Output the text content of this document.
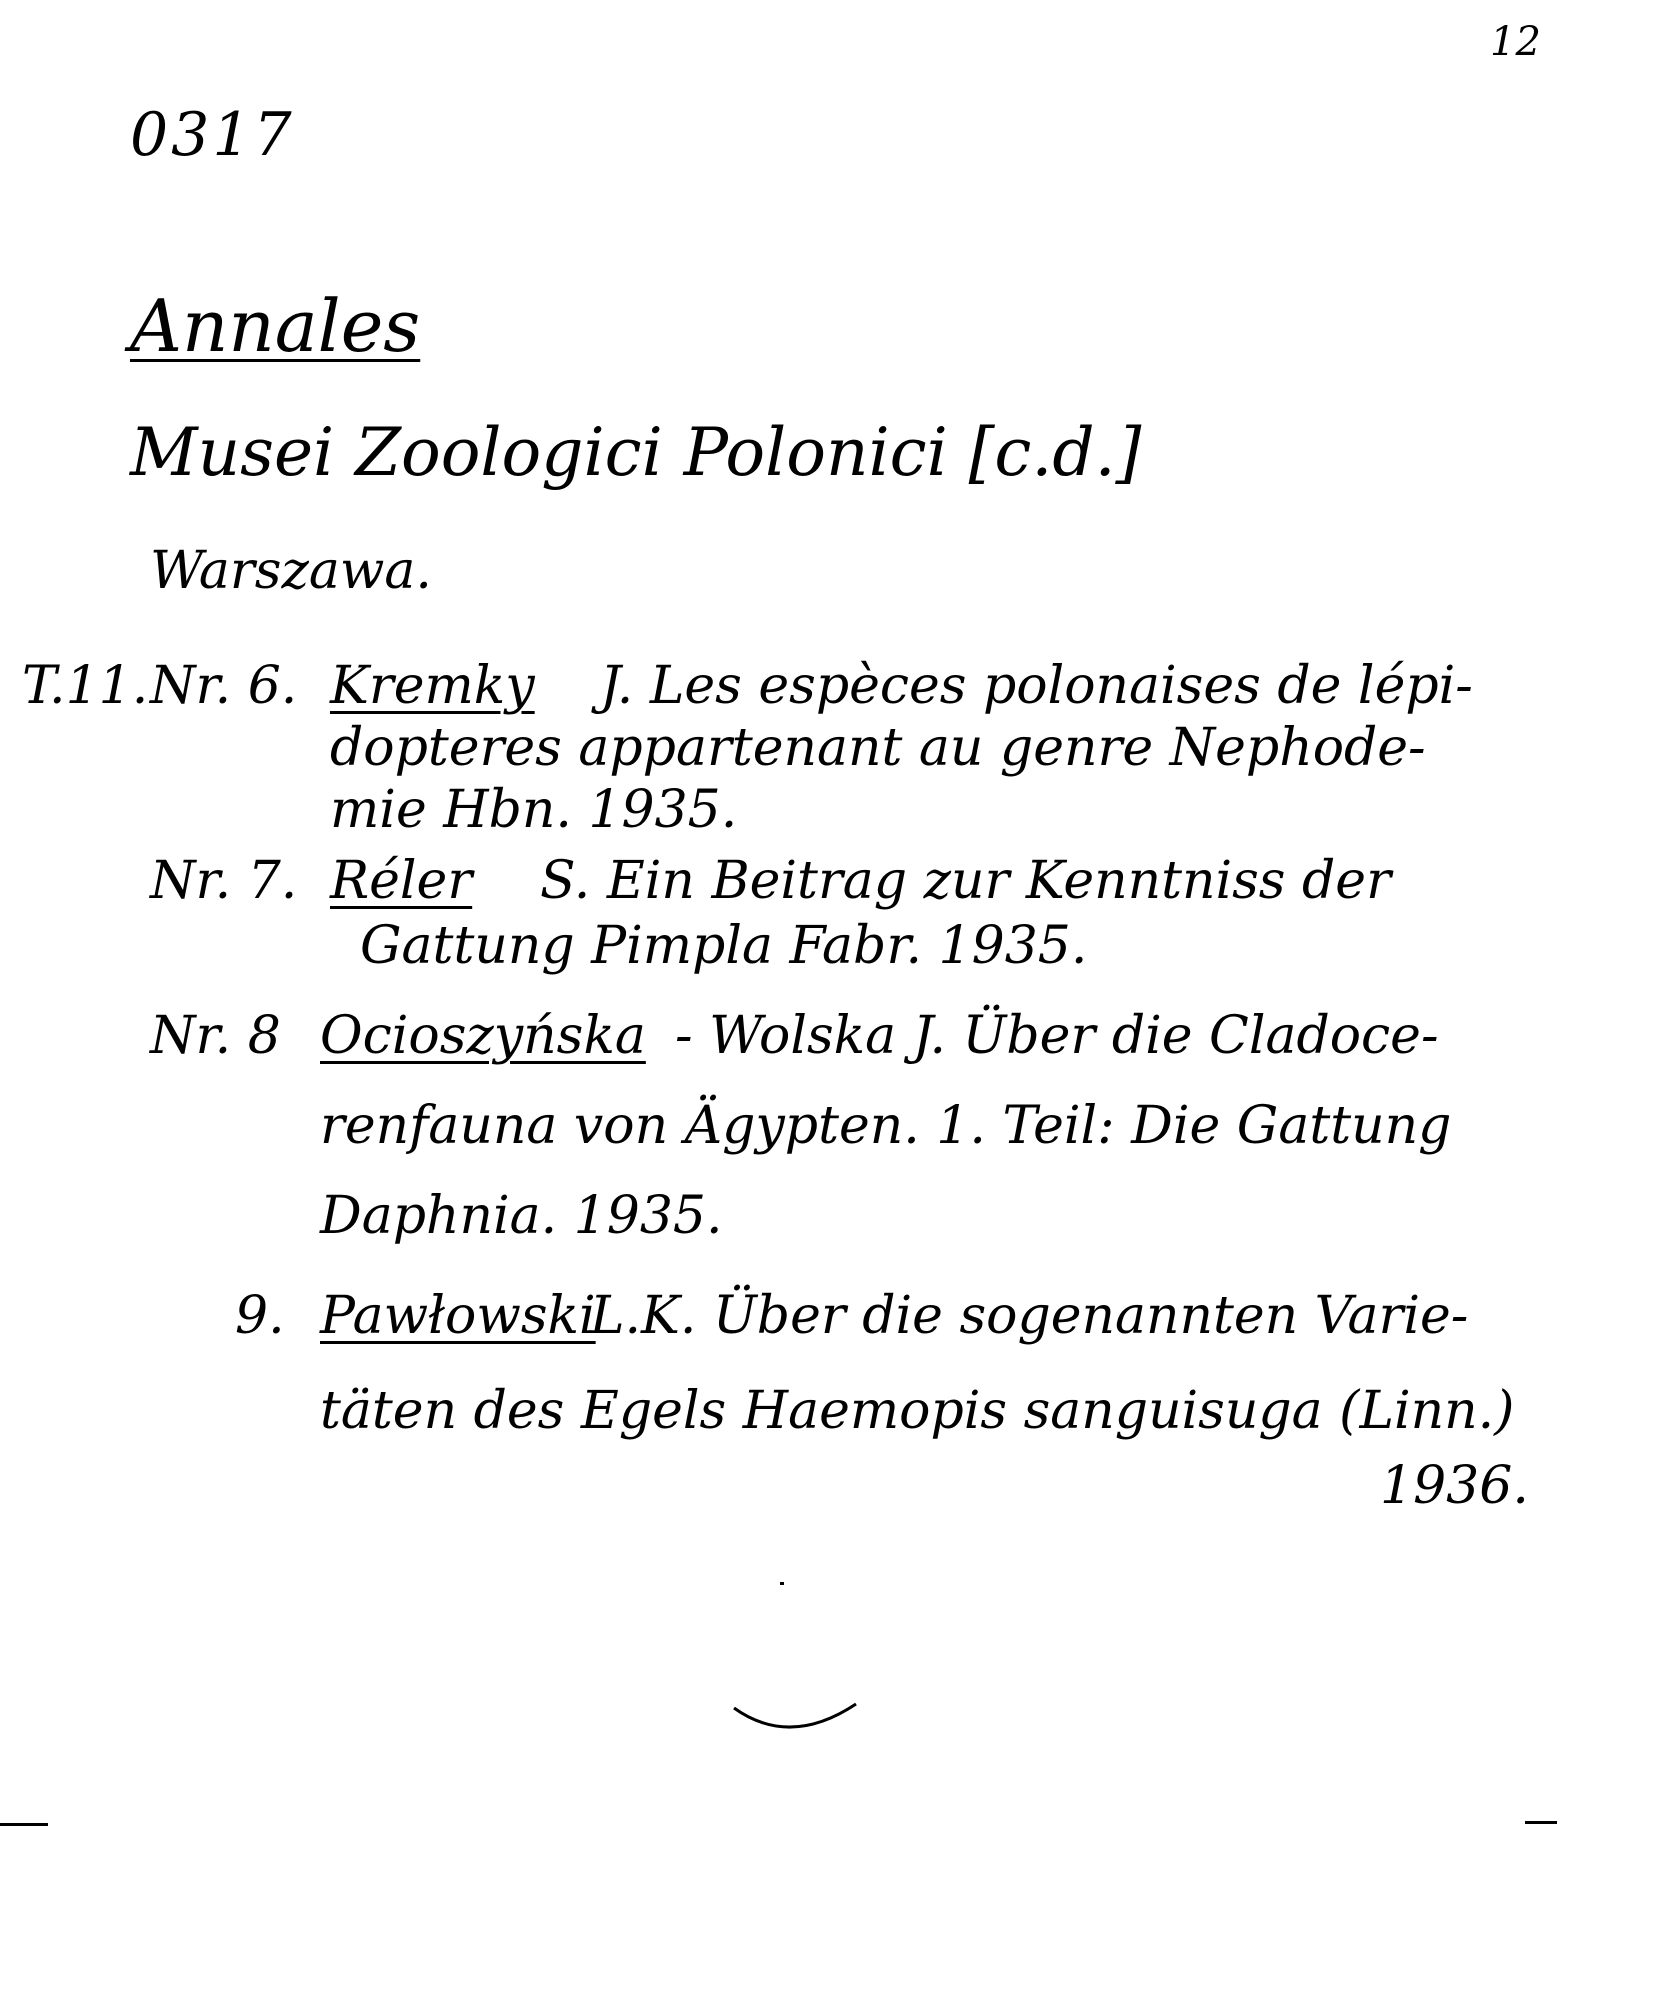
12
0317
Annales
Musei Zoologici Polonici [c.d.]
Warszawa.
T.11. Nr. 6. Kremky J. Les espèces polonaises de lépi-
dopteres appartenant au genre Nephode-
mie Hbn. 1935.
Nr. 7. Réler S. Ein Beitrag zur Kenntniss der
Gattung Pimpla Fabr. 1935.
Nr. 8 Ocioszyńska - Wolska J. Über die Cladoce-
renfauna von Ägypten. 1. Teil: Die Gattung
Daphnia. 1935.
9. Pawłowski
L.K. Über die sogenannten Varie-
täten des Egels Haemopis sanguisuga (Linn.)
1936.
